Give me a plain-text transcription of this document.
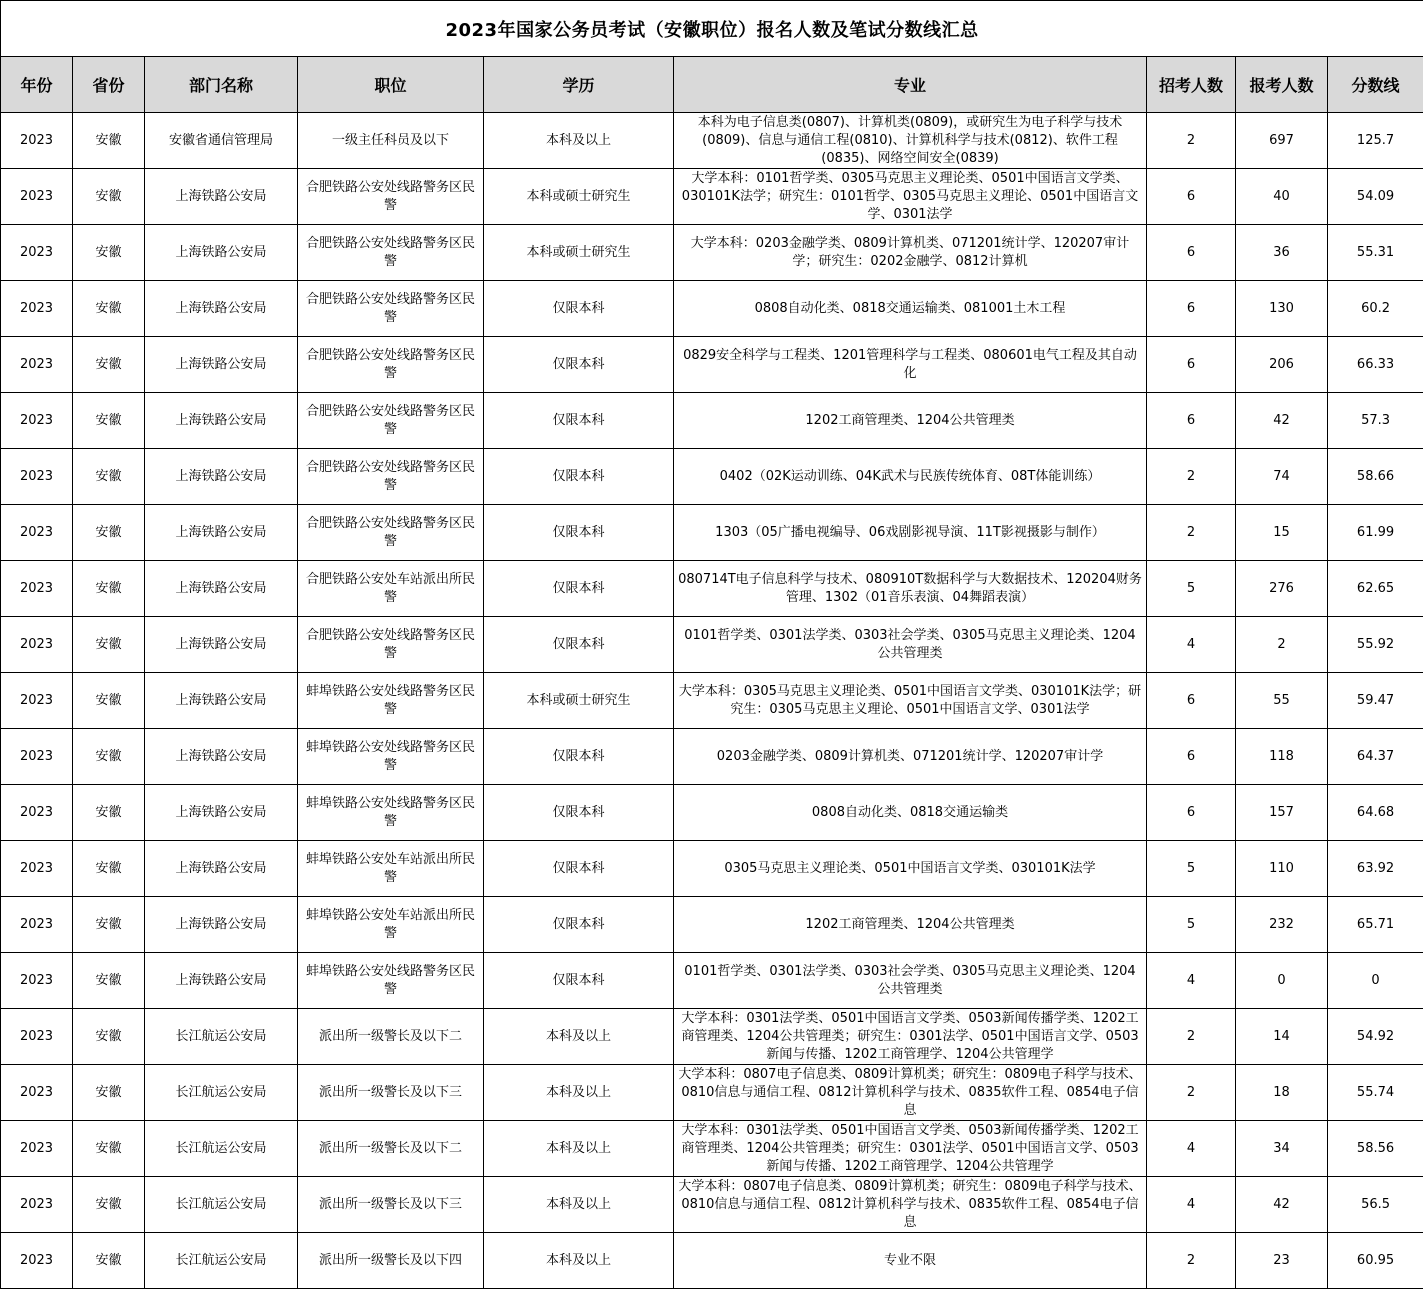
2023年国家公务员考试（安徽职位）报名人数及笔试分数线汇总								
年份	省份	部门名称	职位	学历	专业	招考人数	报考人数	分数线
2023	安徽	安徽省通信管理局	一级主任科员及以下	本科及以上	本科为电子信息类(0807)、计算机类(0809)，或研究生为电子科学与技术(0809)、信息与通信工程(0810)、计算机科学与技术(0812)、软件工程(0835)、网络空间安全(0839)	2	697	125.7
2023	安徽	上海铁路公安局	合肥铁路公安处线路警务区民警	本科或硕士研究生	大学本科：0101哲学类、0305马克思主义理论类、0501中国语言文学类、030101K法学；研究生：0101哲学、0305马克思主义理论、0501中国语言文学、0301法学	6	40	54.09
2023	安徽	上海铁路公安局	合肥铁路公安处线路警务区民警	本科或硕士研究生	大学本科：0203金融学类、0809计算机类、071201统计学、120207审计学；研究生：0202金融学、0812计算机	6	36	55.31
2023	安徽	上海铁路公安局	合肥铁路公安处线路警务区民警	仅限本科	0808自动化类、0818交通运输类、081001土木工程	6	130	60.2
2023	安徽	上海铁路公安局	合肥铁路公安处线路警务区民警	仅限本科	0829安全科学与工程类、1201管理科学与工程类、080601电气工程及其自动化	6	206	66.33
2023	安徽	上海铁路公安局	合肥铁路公安处线路警务区民警	仅限本科	1202工商管理类、1204公共管理类	6	42	57.3
2023	安徽	上海铁路公安局	合肥铁路公安处线路警务区民警	仅限本科	0402（02K运动训练、04K武术与民族传统体育、08T体能训练）	2	74	58.66
2023	安徽	上海铁路公安局	合肥铁路公安处线路警务区民警	仅限本科	1303（05广播电视编导、06戏剧影视导演、11T影视摄影与制作）	2	15	61.99
2023	安徽	上海铁路公安局	合肥铁路公安处车站派出所民警	仅限本科	080714T电子信息科学与技术、080910T数据科学与大数据技术、120204财务管理、1302（01音乐表演、04舞蹈表演）	5	276	62.65
2023	安徽	上海铁路公安局	合肥铁路公安处线路警务区民警	仅限本科	0101哲学类、0301法学类、0303社会学类、0305马克思主义理论类、1204公共管理类	4	2	55.92
2023	安徽	上海铁路公安局	蚌埠铁路公安处线路警务区民警	本科或硕士研究生	大学本科：0305马克思主义理论类、0501中国语言文学类、030101K法学；研究生：0305马克思主义理论、0501中国语言文学、0301法学	6	55	59.47
2023	安徽	上海铁路公安局	蚌埠铁路公安处线路警务区民警	仅限本科	0203金融学类、0809计算机类、071201统计学、120207审计学	6	118	64.37
2023	安徽	上海铁路公安局	蚌埠铁路公安处线路警务区民警	仅限本科	0808自动化类、0818交通运输类	6	157	64.68
2023	安徽	上海铁路公安局	蚌埠铁路公安处车站派出所民警	仅限本科	0305马克思主义理论类、0501中国语言文学类、030101K法学	5	110	63.92
2023	安徽	上海铁路公安局	蚌埠铁路公安处车站派出所民警	仅限本科	1202工商管理类、1204公共管理类	5	232	65.71
2023	安徽	上海铁路公安局	蚌埠铁路公安处线路警务区民警	仅限本科	0101哲学类、0301法学类、0303社会学类、0305马克思主义理论类、1204公共管理类	4	0	0
2023	安徽	长江航运公安局	派出所一级警长及以下二	本科及以上	大学本科：0301法学类、0501中国语言文学类、0503新闻传播学类、1202工商管理类、1204公共管理类；研究生：0301法学、0501中国语言文学、0503新闻与传播、1202工商管理学、1204公共管理学	2	14	54.92
2023	安徽	长江航运公安局	派出所一级警长及以下三	本科及以上	大学本科：0807电子信息类、0809计算机类；研究生：0809电子科学与技术、0810信息与通信工程、0812计算机科学与技术、0835软件工程、0854电子信息	2	18	55.74
2023	安徽	长江航运公安局	派出所一级警长及以下二	本科及以上	大学本科：0301法学类、0501中国语言文学类、0503新闻传播学类、1202工商管理类、1204公共管理类；研究生：0301法学、0501中国语言文学、0503新闻与传播、1202工商管理学、1204公共管理学	4	34	58.56
2023	安徽	长江航运公安局	派出所一级警长及以下三	本科及以上	大学本科：0807电子信息类、0809计算机类；研究生：0809电子科学与技术、0810信息与通信工程、0812计算机科学与技术、0835软件工程、0854电子信息	4	42	56.5
2023	安徽	长江航运公安局	派出所一级警长及以下四	本科及以上	专业不限	2	23	60.95
